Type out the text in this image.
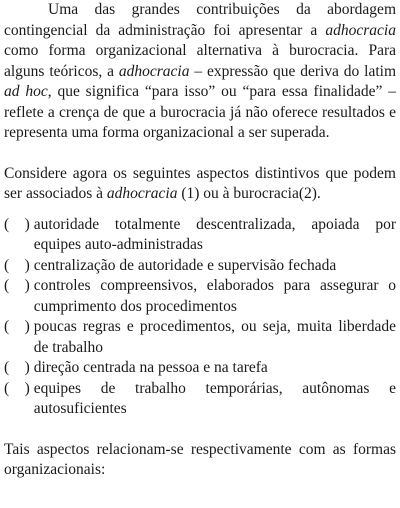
Uma das grandes contribuições da abordagem contingencial da administração foi apresentar a adhocracia como forma organizacional alternativa à burocracia. Para alguns teóricos, a adhocracia – expressão que deriva do latim ad hoc, que significa “para isso” ou “para essa finalidade” – reflete a crença de que a burocracia já não oferece resultados e representa uma forma organizacional a ser superada.

Considere agora os seguintes aspectos distintivos que podem ser associados à adhocracia (1) ou à burocracia(2).

(    ) autoridade totalmente descentralizada, apoiada por equipes auto-administradas
(    ) centralização de autoridade e supervisão fechada
(    ) controles compreensivos, elaborados para assegurar o cumprimento dos procedimentos
(    ) poucas regras e procedimentos, ou seja, muita liberdade de trabalho
(    ) direção centrada na pessoa e na tarefa
(    ) equipes de trabalho temporárias, autônomas e autosuficientes

Tais aspectos relacionam-se respectivamente com as formas organizacionais:
